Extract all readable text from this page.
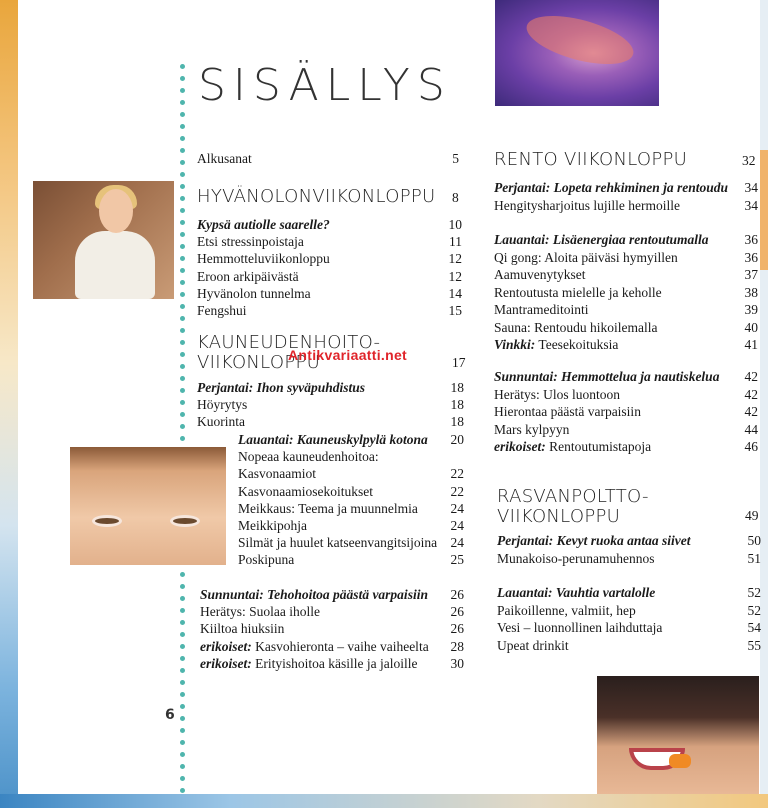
SISÄLLYS
Alkusanat	5
HYVÄNOLONVIIKONLOPPU 8
Kypsä autiolle saarelle?	10
Etsi stressinpoistaja	11
Hemmotteluviikonloppu	12
Eroon arkipäivästä	12
Hyvänolon tunnelma	14
Fengshui	15
KAUNEUDENHOITO-
VIIKONLOPPU	17
Perjantai: Ihon syväpuhdistus	18
Höyrytys	18
Kuorinta	18
Lauantai: Kauneuskylpylä kotona	20
Nopeaa kauneudenhoitoa:
Kasvonaamiot	22
Kasvonaamiosekoitukset	22
Meikkaus: Teema ja muunnelmia	24
Meikkipohja	24
Silmät ja huulet katseenvangitsijoina 24
Poskipuna	25
Sunnuntai: Tehohoitoa päästä varpaisiin	26
Herätys: Suolaa iholle	26
Kiiltoa hiuksiin	26
erikoiset: Kasvohieronta – vaihe vaiheelta	28
erikoiset: Erityishoitoa käsille ja jaloille	30
RENTO VIIKONLOPPU	32
Perjantai: Lopeta rehkiminen ja rentoudu	34
Hengitysharjoitus lujille hermoille	34
Lauantai: Lisäenergiaa rentoutumalla	36
Qi gong: Aloita päiväsi hymyillen	36
Aamuvenytykset	37
Rentoutusta mielelle ja keholle	38
Mantrameditointi	39
Sauna: Rentoudu hikoilemalla	40
Vinkki: Teesekoituksia	41
Sunnuntai: Hemmottelua ja nautiskelua	42
Herätys: Ulos luontoon	42
Hierontaa päästä varpaisiin	42
Mars kylpyyn	44
erikoiset: Rentoutumistapoja	46
RASVANPOLTTO-
VIIKONLOPPU	49
Perjantai: Kevyt ruoka antaa siivet	50
Munakoiso-perunamuhennos	51
Lauantai: Vauhtia vartalolle	52
Paikoillenne, valmiit, hep	52
Vesi – luonnollinen laihduttaja	54
Upeat drinkit	55
Antikvariaatti.net
6
